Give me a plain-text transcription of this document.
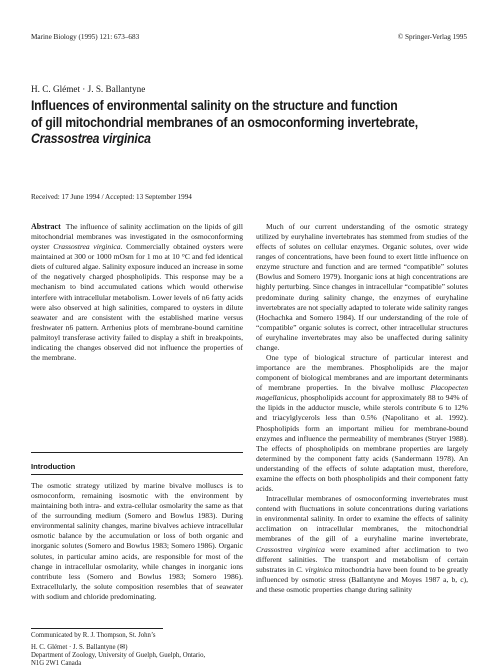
Marine Biology (1995) 121: 673–683	© Springer-Verlag 1995
H. C. Glémet · J. S. Ballantyne
Influences of environmental salinity on the structure and function
of gill mitochondrial membranes of an osmoconforming invertebrate,
Crassostrea virginica
Received: 17 June 1994 / Accepted: 13 September 1994

Abstract The influence of salinity acclimation on the lipids of gill mitochondrial membranes was investigated in the osmoconforming oyster Crassostrea virginica. Commercially obtained oysters were maintained at 300 or 1000 mOsm for 1 mo at 10 °C and fed identical diets of cultured algae. Salinity exposure induced an increase in some of the negatively charged phospholipids. This response may be a mechanism to bind accumulated cations which would otherwise interfere with intracellular metabolism. Lower levels of n6 fatty acids were also observed at high salinities, compared to oysters in dilute seawater and are consistent with the established marine versus freshwater n6 pattern. Arrhenius plots of membrane-bound carnitine palmitoyl transferase activity failed to display a shift in breakpoints, indicating the changes observed did not influence the properties of the membrane.

Introduction

The osmotic strategy utilized by marine bivalve molluscs is to osmoconform, remaining isosmotic with the environment by maintaining both intra- and extra-cellular osmolarity the same as that of the surrounding medium (Somero and Bowlus 1983). During environmental salinity changes, marine bivalves achieve intracellular osmotic balance by the accumulation or loss of both organic and inorganic solutes (Somero and Bowlus 1983; Somero 1986). Organic solutes, in particular amino acids, are responsible for most of the change in intracellular osmolarity, while changes in inorganic ions contribute less (Somero and Bowlus 1983; Somero 1986). Extracellularly, the solute composition resembles that of seawater with sodium and chloride predominating.

Communicated by R. J. Thompson, St. John’s
H. C. Glémet · J. S. Ballantyne (✉)
Department of Zoology, University of Guelph, Guelph, Ontario,
N1G 2W1 Canada

Much of our current understanding of the osmotic strategy utilized by euryhaline invertebrates has stemmed from studies of the effects of solutes on cellular enzymes. Organic solutes, over wide ranges of concentrations, have been found to exert little influence on enzyme structure and function and are termed “compatible” solutes (Bowlus and Somero 1979). Inorganic ions at high concentrations are highly perturbing. Since changes in intracellular “compatible” solutes predominate during salinity change, the enzymes of euryhaline invertebrates are not specially adapted to tolerate wide salinity ranges (Hochachka and Somero 1984). If our understanding of the role of “compatible” organic solutes is correct, other intracellular structures of euryhaline invertebrates may also be unaffected during salinity change.

One type of biological structure of particular interest and importance are the membranes. Phospholipids are the major component of biological membranes and are important determinants of membrane properties. In the bivalve mollusc Placopecten magellanicus, phospholipids account for approximately 88 to 94% of the lipids in the adductor muscle, while sterols contribute 6 to 12% and triacylglycerols less than 0.5% (Napolitano et al. 1992). Phospholipids form an important milieu for membrane-bound enzymes and influence the permeability of membranes (Stryer 1988). The effects of phospholipids on membrane properties are largely determined by the component fatty acids (Sandermann 1978). An understanding of the effects of solute adaptation must, therefore, examine the effects on both phospholipids and their component fatty acids.

Intracellular membranes of osmoconforming invertebrates must contend with fluctuations in solute concentrations during variations in environmental salinity. In order to examine the effects of salinity acclimation on intracellular membranes, the mitochondrial membranes of the gill of a euryhaline marine invertebrate, Crassostrea virginica were examined after acclimation to two different salinities. The transport and metabolism of certain substrates in C. virginica mitochondria have been found to be greatly influenced by osmotic stress (Ballantyne and Moyes 1987 a, b, c), and these osmotic properties change during salinity
